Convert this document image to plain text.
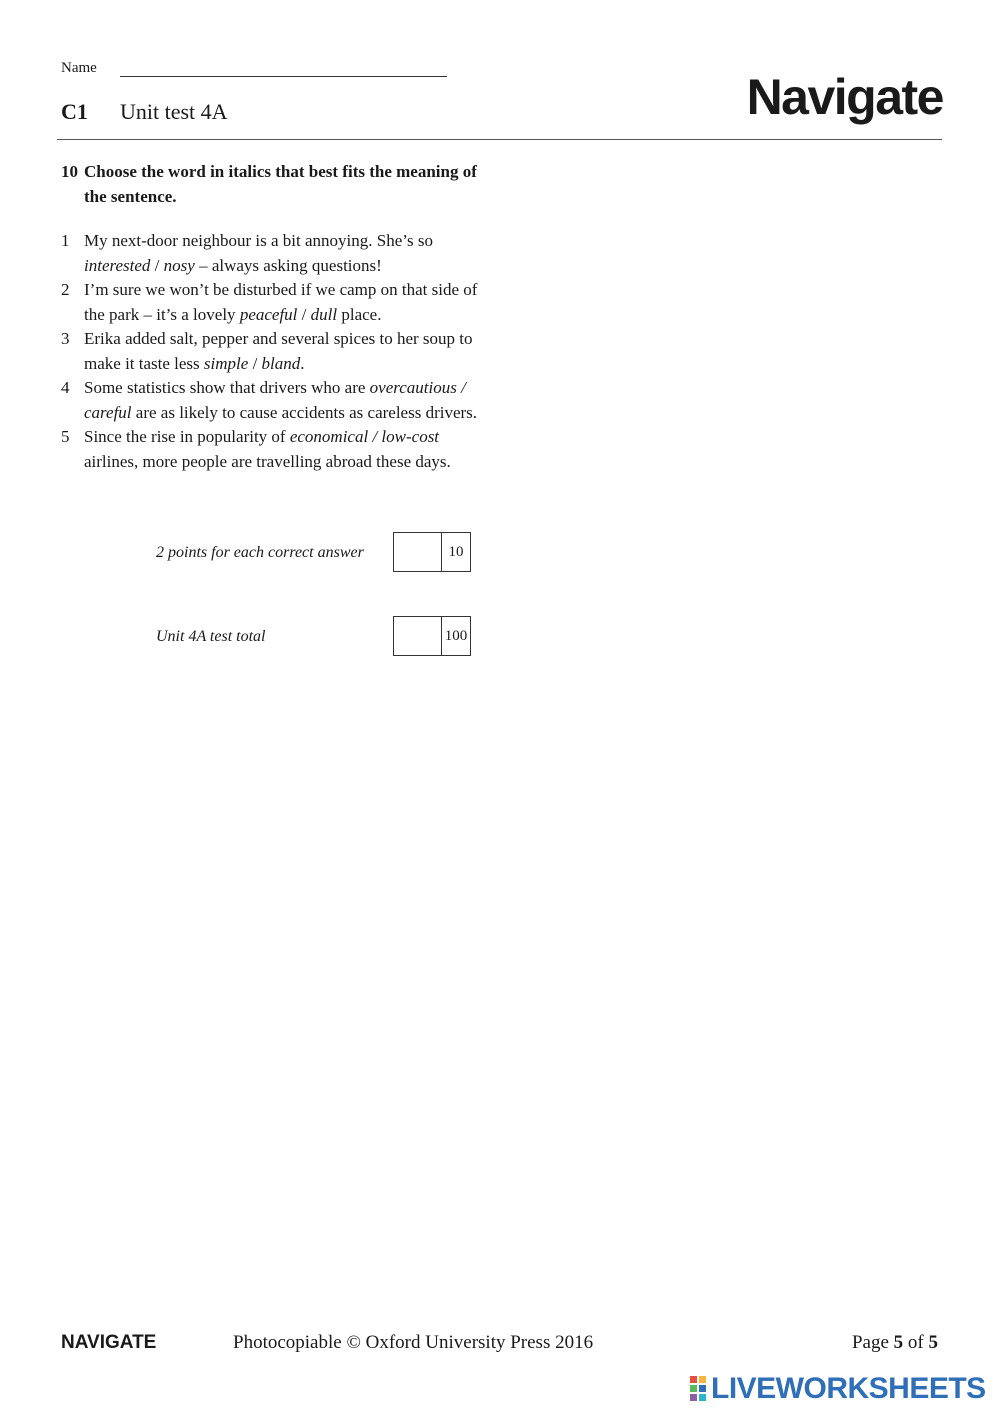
Name
C1 Unit test 4A	Navigate
10 Choose the word in italics that best fits the meaning of the sentence.
1 My next-door neighbour is a bit annoying. She’s so interested / nosy – always asking questions!
2 I’m sure we won’t be disturbed if we camp on that side of the park – it’s a lovely peaceful / dull place.
3 Erika added salt, pepper and several spices to her soup to make it taste less simple / bland.
4 Some statistics show that drivers who are overcautious / careful are as likely to cause accidents as careless drivers.
5 Since the rise in popularity of economical / low-cost airlines, more people are travelling abroad these days.
2 points for each correct answer	10
Unit 4A test total	100
NAVIGATE	Photocopiable © Oxford University Press 2016	Page 5 of 5
LIVEWORKSHEETS
